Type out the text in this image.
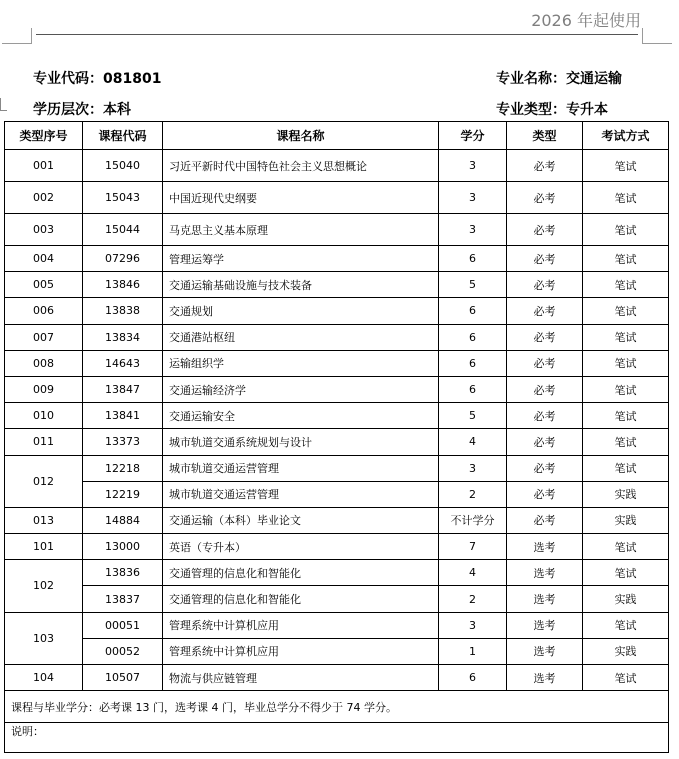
2026 年起使用
专业代码：081801	专业名称：交通运输
学历层次：本科	专业类型：专升本
类型序号	课程代码	课程名称	学分	类型	考试方式
001	15040	习近平新时代中国特色社会主义思想概论	3	必考	笔试
002	15043	中国近现代史纲要	3	必考	笔试
003	15044	马克思主义基本原理	3	必考	笔试
004	07296	管理运筹学	6	必考	笔试
005	13846	交通运输基础设施与技术装备	5	必考	笔试
006	13838	交通规划	6	必考	笔试
007	13834	交通港站枢纽	6	必考	笔试
008	14643	运输组织学	6	必考	笔试
009	13847	交通运输经济学	6	必考	笔试
010	13841	交通运输安全	5	必考	笔试
011	13373	城市轨道交通系统规划与设计	4	必考	笔试
012	12218	城市轨道交通运营管理	3	必考	笔试
	12219	城市轨道交通运营管理	2	必考	实践
013	14884	交通运输（本科）毕业论文	不计学分	必考	实践
101	13000	英语（专升本）	7	选考	笔试
102	13836	交通管理的信息化和智能化	4	选考	笔试
	13837	交通管理的信息化和智能化	2	选考	实践
103	00051	管理系统中计算机应用	3	选考	笔试
	00052	管理系统中计算机应用	1	选考	实践
104	10507	物流与供应链管理	6	选考	笔试
课程与毕业学分：必考课 13 门，选考课 4 门，毕业总学分不得少于 74 学分。					
说明：					
